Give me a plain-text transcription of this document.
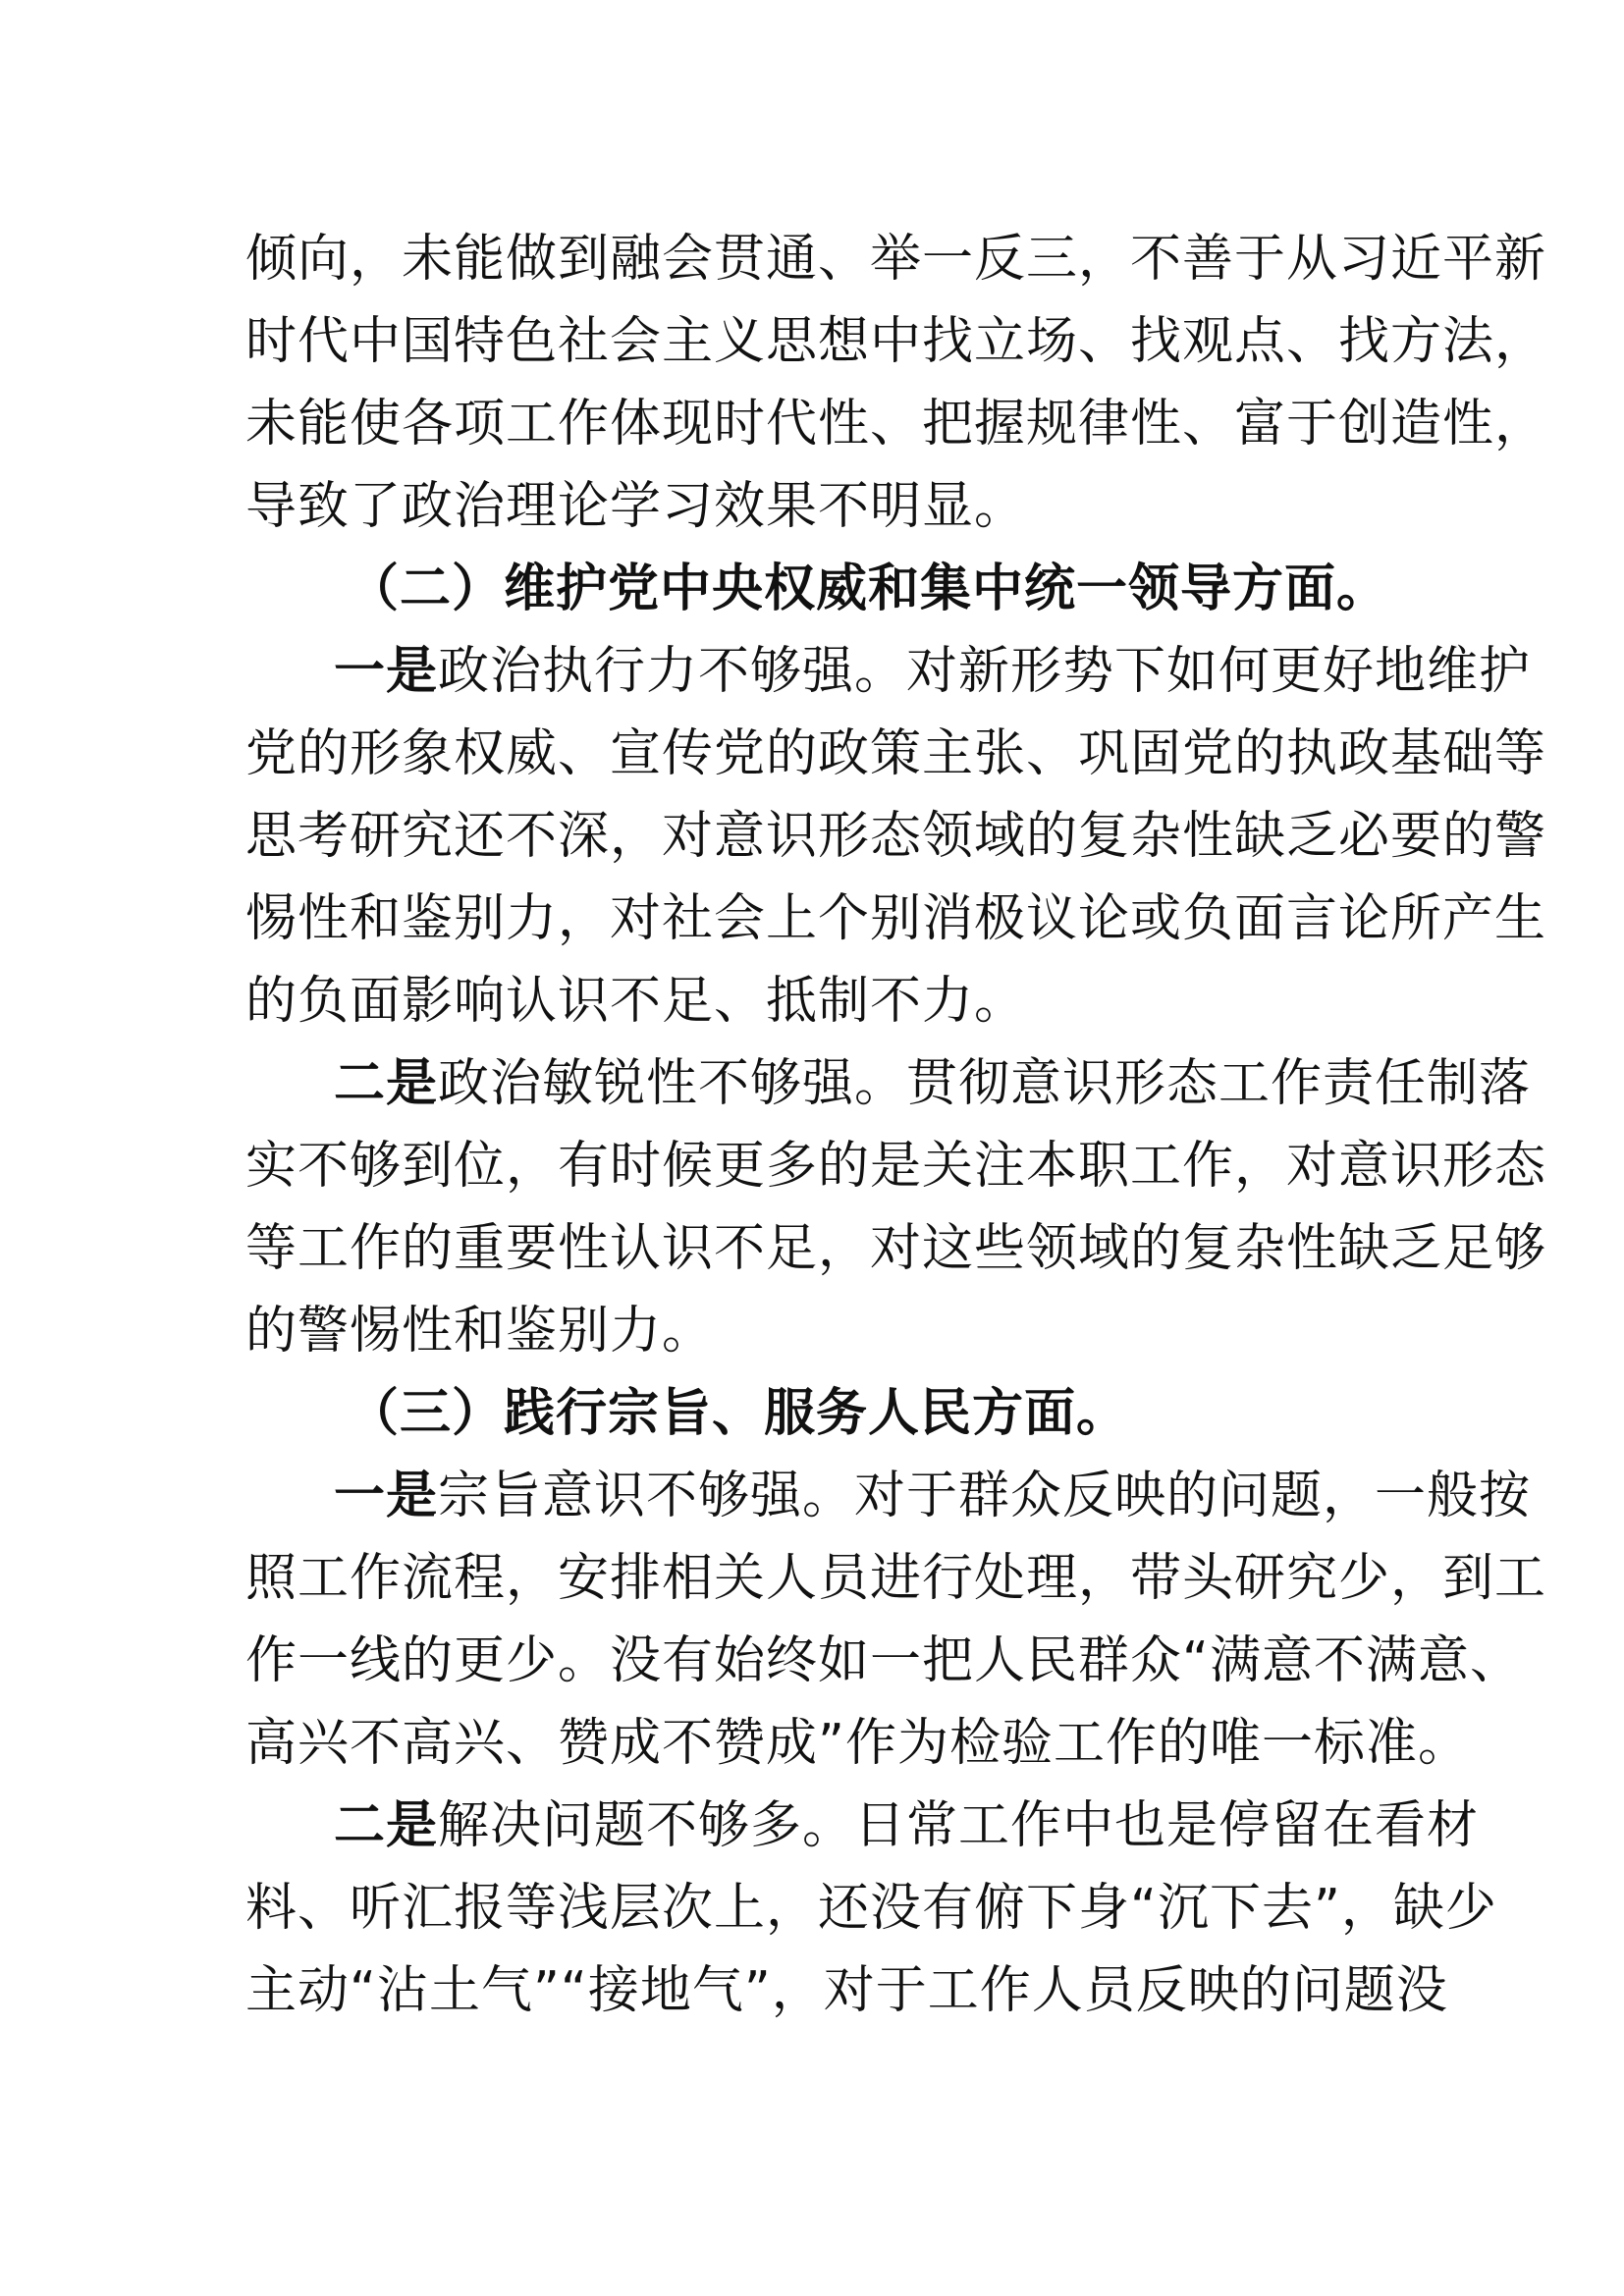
倾向，未能做到融会贯通、举一反三，不善于从习近平新
时代中国特色社会主义思想中找立场、找观点、找方法，
未能使各项工作体现时代性、把握规律性、富于创造性，
导致了政治理论学习效果不明显。
（二）维护党中央权威和集中统一领导方面。
一是政治执行力不够强。对新形势下如何更好地维护
党的形象权威、宣传党的政策主张、巩固党的执政基础等
思考研究还不深，对意识形态领域的复杂性缺乏必要的警
惕性和鉴别力，对社会上个别消极议论或负面言论所产生
的负面影响认识不足、抵制不力。
二是政治敏锐性不够强。贯彻意识形态工作责任制落
实不够到位，有时候更多的是关注本职工作，对意识形态
等工作的重要性认识不足，对这些领域的复杂性缺乏足够
的警惕性和鉴别力。
（三）践行宗旨、服务人民方面。
一是宗旨意识不够强。对于群众反映的问题，一般按
照工作流程，安排相关人员进行处理，带头研究少，到工
作一线的更少。没有始终如一把人民群众“满意不满意、
高兴不高兴、赞成不赞成”作为检验工作的唯一标准。
二是解决问题不够多。日常工作中也是停留在看材
料、听汇报等浅层次上，还没有俯下身“沉下去”，缺少
主动“沾土气”“接地气”，对于工作人员反映的问题没
